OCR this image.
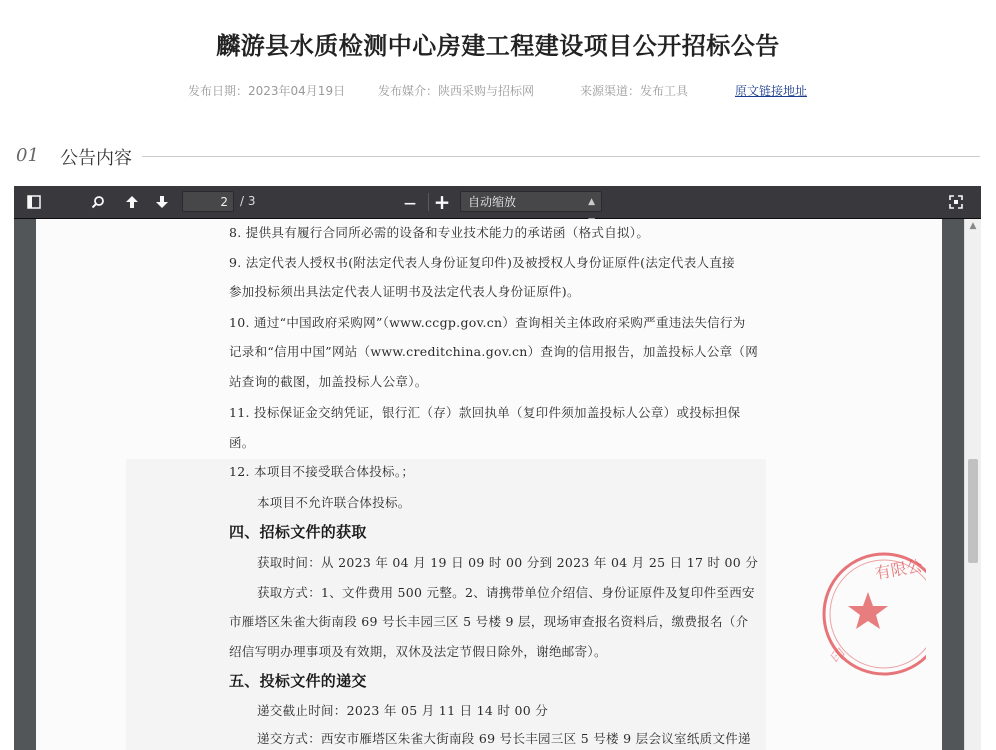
麟游县水质检测中心房建工程建设项目公开招标公告
发布日期：2023年04月19日	发布媒介：陕西采购与招标网	来源渠道：发布工具	原文链接地址
01 公告内容
2	/ 3	— +	自动缩放	▲

8. 提供具有履行合同所必需的设备和专业技术能力的承诺函（格式自拟）。
9. 法定代表人授权书(附法定代表人身份证复印件)及被授权人身份证原件(法定代表人直接
参加投标须出具法定代表人证明书及法定代表人身份证原件)。
10. 通过“中国政府采购网”（www.ccgp.gov.cn）查询相关主体政府采购严重违法失信行为
记录和“信用中国”网站（www.creditchina.gov.cn）查询的信用报告，加盖投标人公章（网
站查询的截图，加盖投标人公章）。
11. 投标保证金交纳凭证，银行汇（存）款回执单（复印件须加盖投标人公章）或投标担保
函。
12. 本项目不接受联合体投标。；
本项目不允许联合体投标。
四、招标文件的获取
获取时间：从 2023 年 04 月 19 日 09 时 00 分到 2023 年 04 月 25 日 17 时 00 分
获取方式：1、文件费用 500 元整。2、请携带单位介绍信、身份证原件及复印件至西安
市雁塔区朱雀大街南段 69 号长丰园三区 5 号楼 9 层，现场审查报名资料后，缴费报名（介
绍信写明办理事项及有效期，双休及法定节假日除外，谢绝邮寄）。
五、投标文件的递交
递交截止时间：2023 年 05 月 11 日 14 时 00 分
递交方式：西安市雁塔区朱雀大街南段 69 号长丰园三区 5 号楼 9 层会议室纸质文件递
有限公
印
▲
